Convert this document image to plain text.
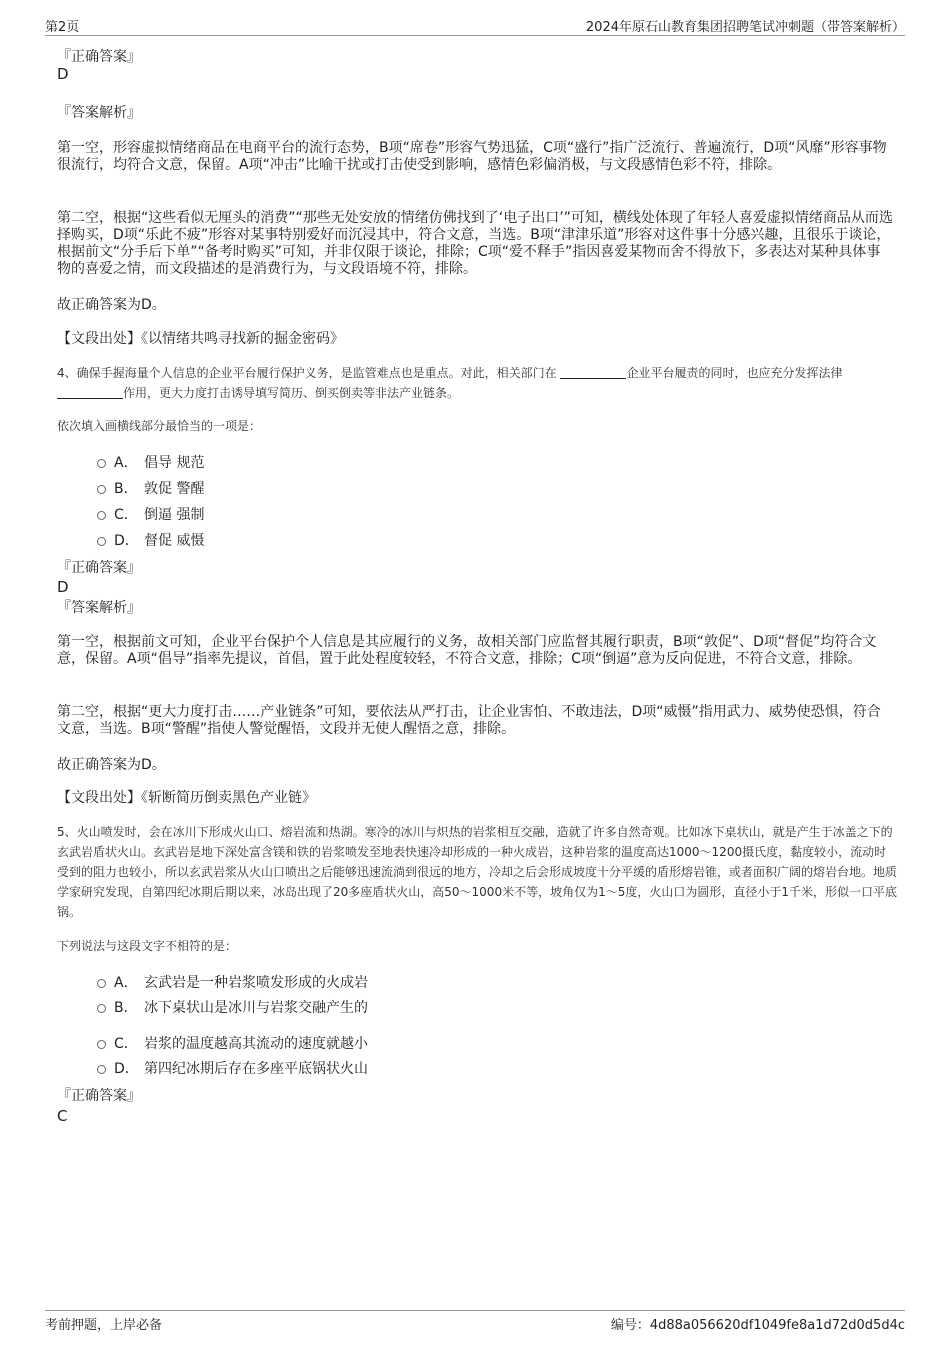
第2页	2024年原石山教育集团招聘笔试冲刺题（带答案解析）
『正确答案』
D
『答案解析』
第一空，形容虚拟情绪商品在电商平台的流行态势，B项“席卷”形容气势迅猛，C项“盛行”指广泛流行、普遍流行，D项“风靡”形容事物很流行，均符合文意，保留。A项“冲击”比喻干扰或打击使受到影响，感情色彩偏消极，与文段感情色彩不符，排除。
第二空，根据“这些看似无厘头的消费”“那些无处安放的情绪仿佛找到了‘电子出口’”可知，横线处体现了年轻人喜爱虚拟情绪商品从而选择购买，D项“乐此不疲”形容对某事特别爱好而沉浸其中，符合文意，当选。B项“津津乐道”形容对这件事十分感兴趣，且很乐于谈论，根据前文“分手后下单”“备考时购买”可知，并非仅限于谈论，排除；C项“爱不释手”指因喜爱某物而舍不得放下，多表达对某种具体事物的喜爱之情，而文段描述的是消费行为，与文段语境不符，排除。
故正确答案为D。
【文段出处】《以情绪共鸣寻找新的掘金密码》
4、确保手握海量个人信息的企业平台履行保护义务，是监管难点也是重点。对此，相关部门在	企业平台履责的同时，也应充分发挥法律 作用，更大力度打击诱导填写简历、倒买倒卖等非法产业链条。
依次填入画横线部分最恰当的一项是：
A． 倡导 规范
B． 敦促 警醒
C． 倒逼 强制
D． 督促 威慑
『正确答案』
D
『答案解析』
第一空，根据前文可知，企业平台保护个人信息是其应履行的义务，故相关部门应监督其履行职责，B项“敦促”、D项“督促”均符合文意，保留。A项“倡导”指率先提议，首倡，置于此处程度较轻，不符合文意，排除；C项“倒逼”意为反向促进，不符合文意，排除。
第二空，根据“更大力度打击……产业链条”可知，要依法从严打击，让企业害怕、不敢违法，D项“威慑”指用武力、威势使恐惧，符合文意，当选。B项“警醒”指使人警觉醒悟，文段并无使人醒悟之意，排除。
故正确答案为D。
【文段出处】《斩断简历倒卖黑色产业链》
5、火山喷发时，会在冰川下形成火山口、熔岩流和热湖。寒冷的冰川与炽热的岩浆相互交融，造就了许多自然奇观。比如冰下桌状山，就是产生于冰盖之下的玄武岩盾状火山。玄武岩是地下深处富含镁和铁的岩浆喷发至地表快速冷却形成的一种火成岩，这种岩浆的温度高达1000～1200摄氏度，黏度较小，流动时受到的阻力也较小，所以玄武岩浆从火山口喷出之后能够迅速流淌到很远的地方，冷却之后会形成坡度十分平缓的盾形熔岩锥，或者面积广阔的熔岩台地。地质学家研究发现，自第四纪冰期后期以来，冰岛出现了20多座盾状火山，高50～1000米不等，坡角仅为1～5度，火山口为圆形，直径小于1千米，形似一口平底锅。
下列说法与这段文字不相符的是：
A． 玄武岩是一种岩浆喷发形成的火成岩
B． 冰下桌状山是冰川与岩浆交融产生的
C． 岩浆的温度越高其流动的速度就越小
D． 第四纪冰期后存在多座平底锅状火山
『正确答案』
C
考前押题，上岸必备	编号：4d88a056620df1049fe8a1d72d0d5d4c
